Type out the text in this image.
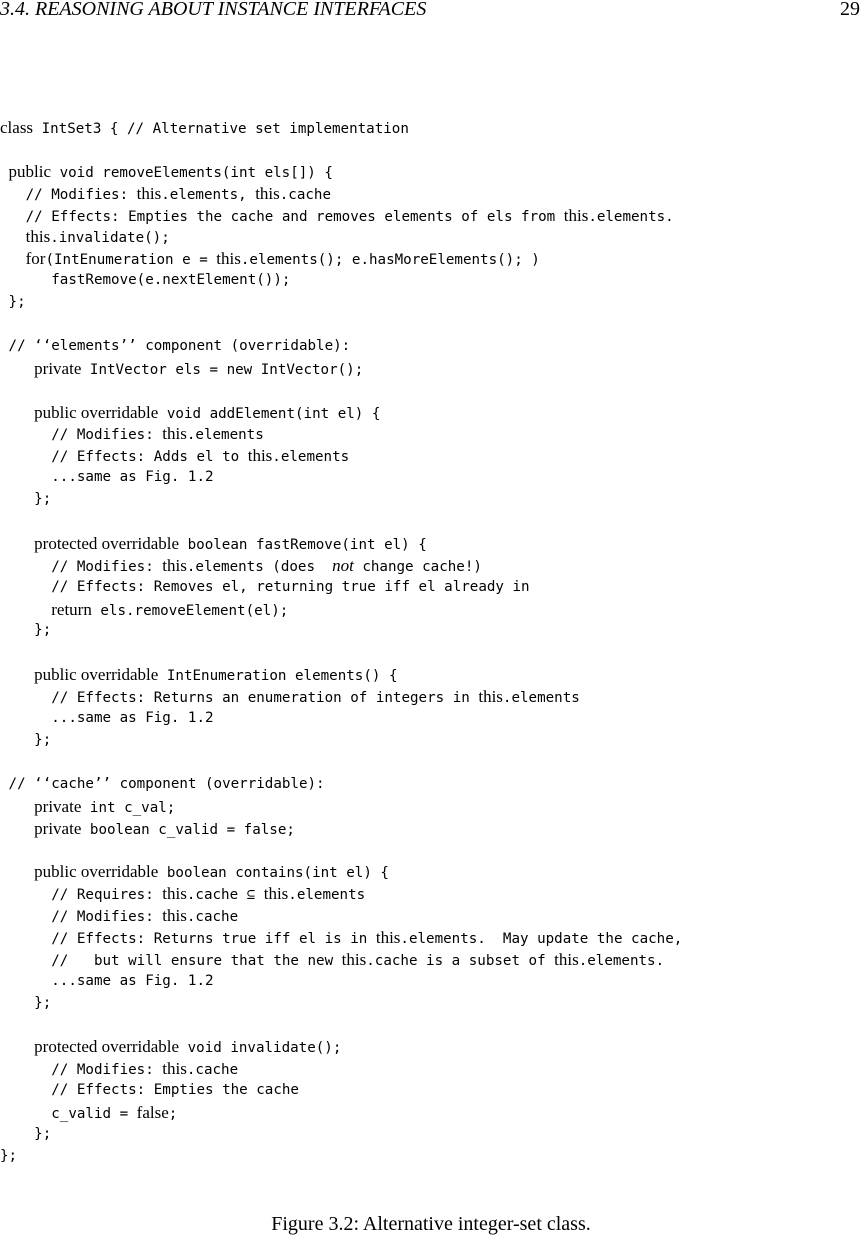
3.4. REASONING ABOUT INSTANCE INTERFACES	29
class IntSet3 { // Alternative set implementation

public void removeElements(int els[]) {
// Modifies: this.elements, this.cache
// Effects: Empties the cache and removes elements of els from this.elements.
this.invalidate();
for(IntEnumeration e = this.elements(); e.hasMoreElements(); )
fastRemove(e.nextElement());
};

// ‘‘elements’’ component (overridable):
private IntVector els = new IntVector();

public overridable void addElement(int el) {
// Modifies: this.elements
// Effects: Adds el to this.elements
...same as Fig. 1.2
};

protected overridable boolean fastRemove(int el) {
// Modifies: this.elements (does  not change cache!)
// Effects: Removes el, returning true iff el already in
return els.removeElement(el);
};

public overridable IntEnumeration elements() {
// Effects: Returns an enumeration of integers in this.elements
...same as Fig. 1.2
};

// ‘‘cache’’ component (overridable):
private int c_val;
private boolean c_valid = false;

public overridable boolean contains(int el) {
// Requires: this.cache ⊆ this.elements
// Modifies: this.cache
// Effects: Returns true iff el is in this.elements.  May update the cache,
//   but will ensure that the new this.cache is a subset of this.elements.
...same as Fig. 1.2
};

protected overridable void invalidate();
// Modifies: this.cache
// Effects: Empties the cache
c_valid = false;
};
};
Figure 3.2: Alternative integer-set class.
